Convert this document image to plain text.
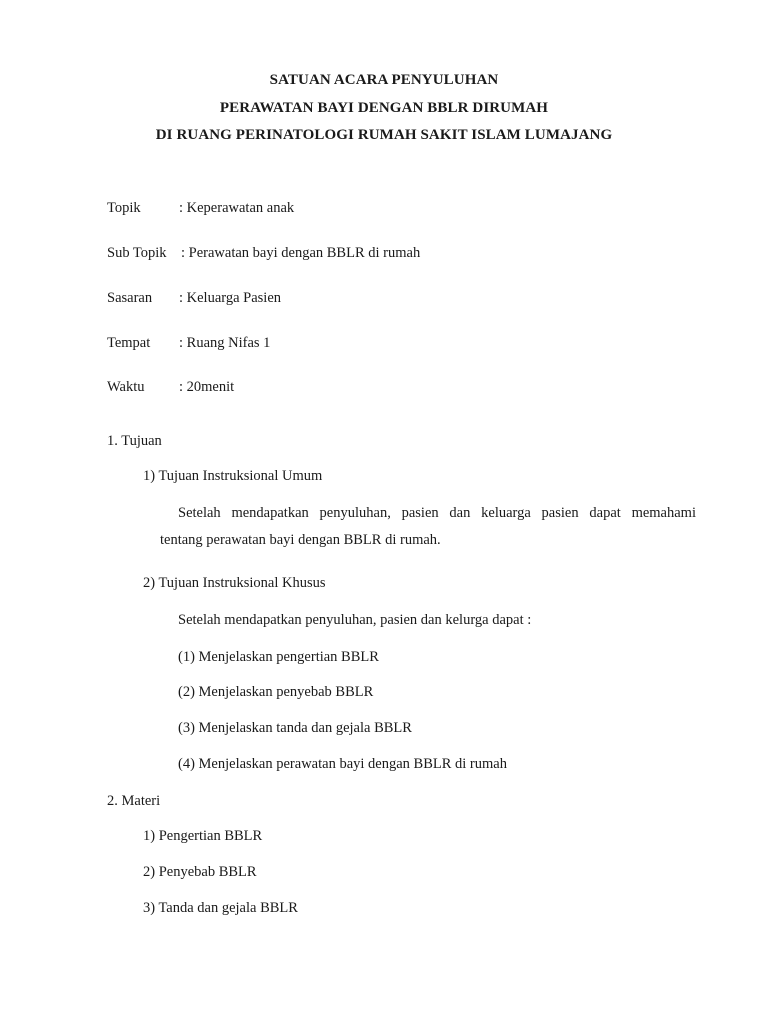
SATUAN ACARA PENYULUHAN
PERAWATAN BAYI DENGAN BBLR DIRUMAH
DI RUANG PERINATOLOGI RUMAH SAKIT ISLAM LUMAJANG
Topik	: Keperawatan anak
Sub Topik : Perawatan bayi dengan BBLR di rumah
Sasaran : Keluarga Pasien
Tempat : Ruang Nifas 1
Waktu : 20menit
1. Tujuan
1) Tujuan Instruksional Umum
Setelah mendapatkan penyuluhan, pasien dan keluarga pasien dapat memahami
tentang perawatan bayi dengan BBLR di rumah.
2) Tujuan Instruksional Khusus
Setelah mendapatkan penyuluhan, pasien dan kelurga dapat :
(1) Menjelaskan pengertian BBLR
(2) Menjelaskan penyebab BBLR
(3) Menjelaskan tanda dan gejala BBLR
(4) Menjelaskan perawatan bayi dengan BBLR di rumah
2. Materi
1) Pengertian BBLR
2) Penyebab BBLR
3) Tanda dan gejala BBLR
